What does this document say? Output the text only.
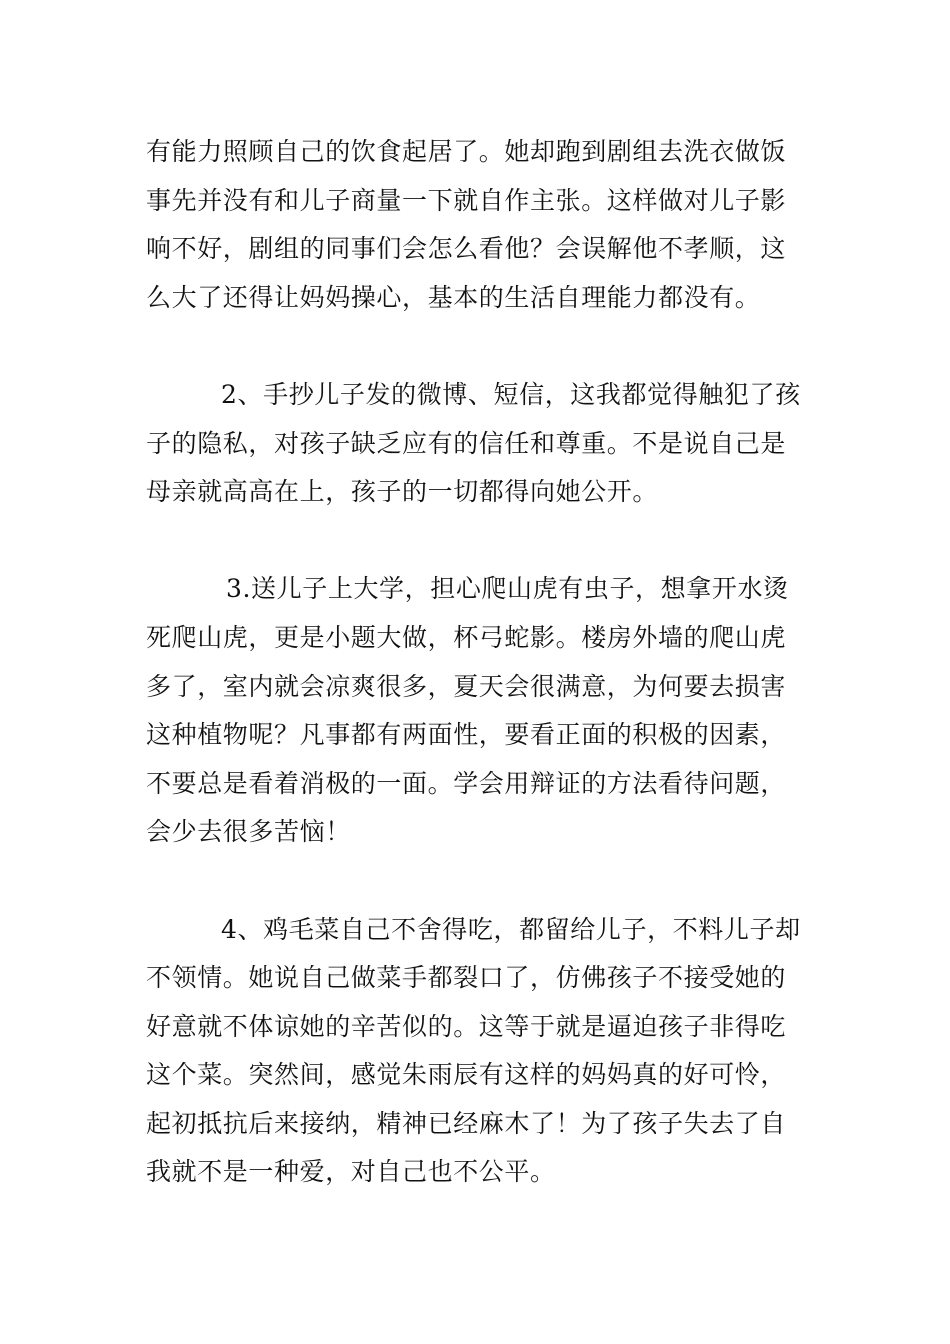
有能力照顾自己的饮食起居了。她却跑到剧组去洗衣做饭
事先并没有和儿子商量一下就自作主张。这样做对儿子影
响不好，剧组的同事们会怎么看他？会误解他不孝顺，这
么大了还得让妈妈操心，基本的生活自理能力都没有。
2、手抄儿子发的微博、短信，这我都觉得触犯了孩
子的隐私，对孩子缺乏应有的信任和尊重。不是说自己是
母亲就高高在上，孩子的一切都得向她公开。
3.送儿子上大学，担心爬山虎有虫子，想拿开水烫
死爬山虎，更是小题大做，杯弓蛇影。楼房外墙的爬山虎
多了，室内就会凉爽很多，夏天会很满意，为何要去损害
这种植物呢？凡事都有两面性，要看正面的积极的因素，
不要总是看着消极的一面。学会用辩证的方法看待问题，
会少去很多苦恼！
4、鸡毛菜自己不舍得吃，都留给儿子，不料儿子却
不领情。她说自己做菜手都裂口了，仿佛孩子不接受她的
好意就不体谅她的辛苦似的。这等于就是逼迫孩子非得吃
这个菜。突然间，感觉朱雨辰有这样的妈妈真的好可怜，
起初抵抗后来接纳，精神已经麻木了！为了孩子失去了自
我就不是一种爱，对自己也不公平。
